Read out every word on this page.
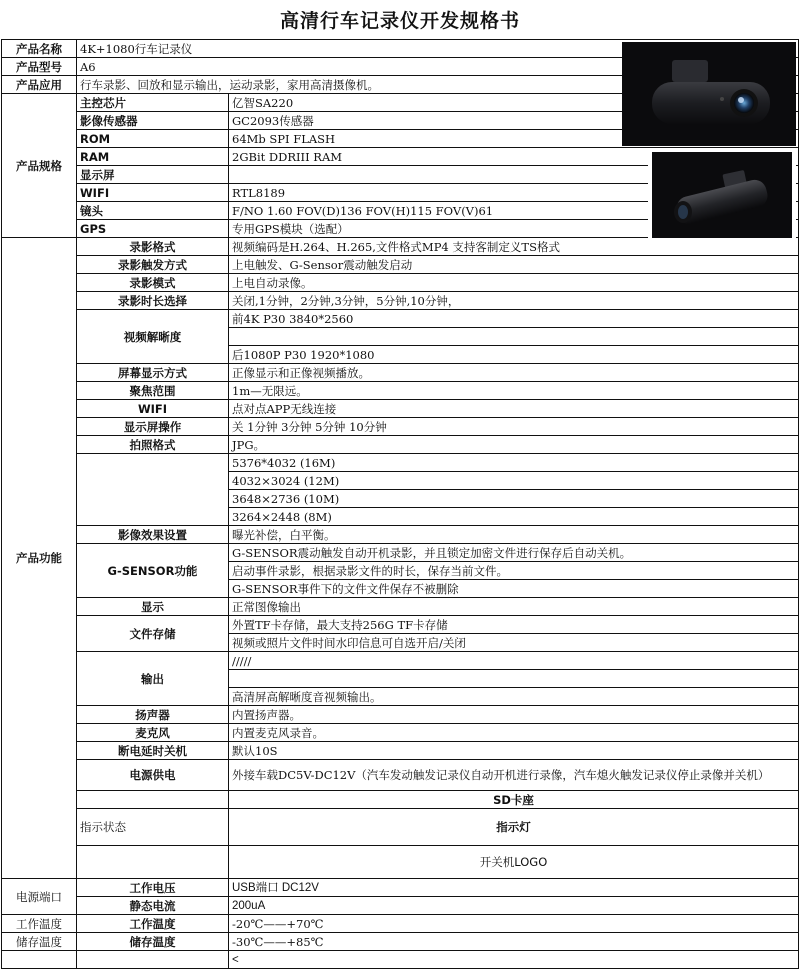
高清行车记录仪开发规格书
产品名称	4K+1080行车记录仪		
产品型号	A6		
产品应用	行车录影、回放和显示输出，运动录影，家用高清摄像机。		
产品规格	主控芯片	亿智SA220	
	影像传感器	GC2093传感器	
	ROM	64Mb SPI FLASH	
	RAM	2GBit DDRIII RAM	
	显示屏		
	WIFI	RTL8189	
	镜头	F/NO 1.60 FOV(D)136 FOV(H)115 FOV(V)61	
	GPS	专用GPS模块（选配）	
产品功能	录影格式	视频编码是H.264、H.265,文件格式MP4 支持客制定义TS格式	
	录影触发方式	上电触发、G-Sensor震动触发启动	
	录影模式	上电自动录像。	
	录影时长选择	关闭,1分钟，2分钟,3分钟，5分钟,10分钟，	
	视频解晰度	前4K P30 3840*2560	

		后1080P P30 1920*1080	
	屏幕显示方式	正像显示和正像视频播放。	
	聚焦范围	1m—无限远。	
	WIFI	点对点APP无线连接	
	显示屏操作	关 1分钟 3分钟 5分钟 10分钟	
	拍照格式	JPG。	
		5376*4032 (16M)	
		4032×3024 (12M)	
		3648×2736 (10M)	
		3264×2448 (8M)	
	影像效果设置	曝光补偿，白平衡。	
	G-SENSOR功能	G-SENSOR震动触发自动开机录影，并且锁定加密文件进行保存后自动关机。	
		启动事件录影，根据录影文件的时长，保存当前文件。	
		G-SENSOR事件下的文件文件保存不被删除	
	显示	正常图像输出	
	文件存储	外置TF卡存储，最大支持256G TF卡存储	
		视频或照片文件时间水印信息可自选开启/关闭	
	输出	/////	

		高清屏高解晰度音视频输出。	
	扬声器	内置扬声器。	
	麦克风	内置麦克风录音。	
	断电延时关机	默认10S	
	电源供电	外接车载DC5V-DC12V（汽车发动触发记录仪自动开机进行录像，汽车熄火触发记录仪停止录像并关机）	
		SD卡座	
	指示状态	指示灯	
		开关机LOGO	
电源端口	工作电压	USB端口 DC12V	
	静态电流	200uA	
工作温度	工作温度	-20℃——+70℃	
储存温度	储存温度	-30℃——+85℃	
		<	
